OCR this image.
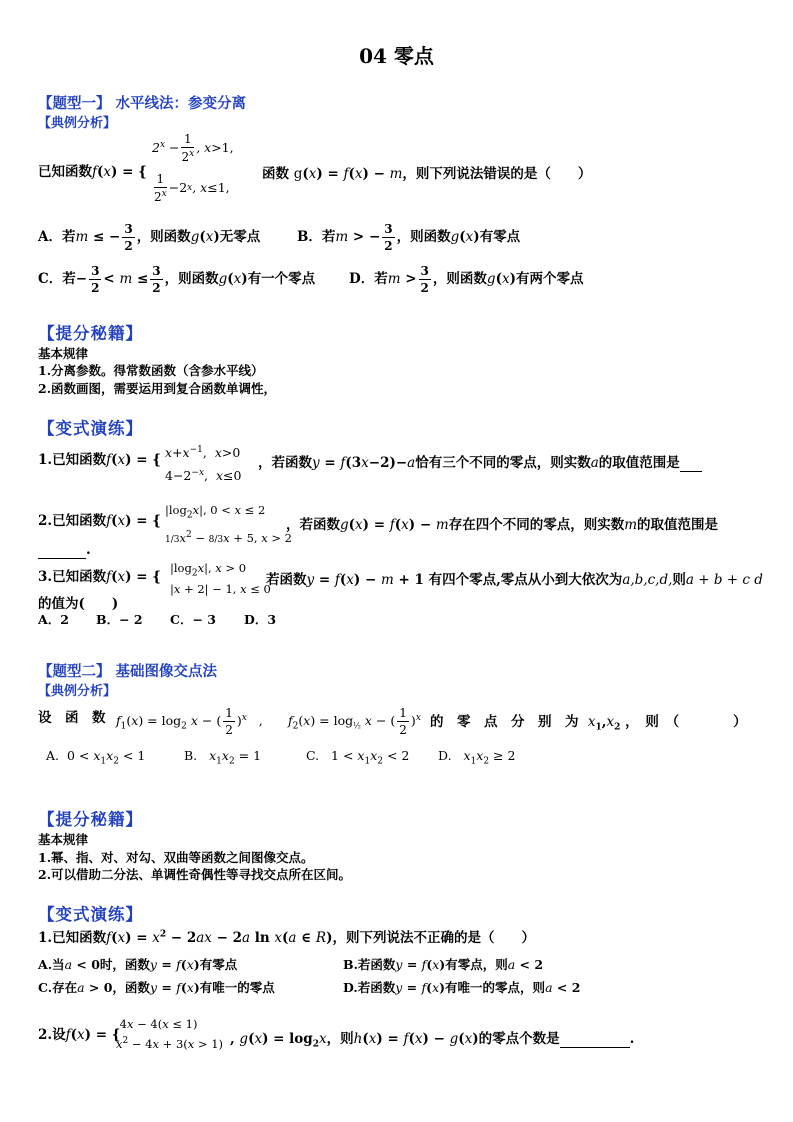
04 零点
【题型一】 水平线法：参变分离
【典例分析】
已知函数f(x) = {
$2^x - \frac{1}{2^x}$ , x >1,
$\frac{1}{2^x} -2$ x , x ≤1,
函数 g(x) = f(x) − m，则下列说法错误的是（　　）
A．若m ≤ − $\frac{3}{2}$ ，则函数g(x)无零点	B．若m > − $\frac{3}{2}$ ，则函数g(x)有零点
C．若− $\frac{3}{2} < m \le \frac{3}{2}$ ，则函数g(x)有一个零点	D．若$m > \frac{3}{2}$ ，则函数g(x)有两个零点
【提分秘籍】
基本规律
1.分离参数。得常数函数（含参水平线）
2.函数画图，需要运用到复合函数单调性，
【变式演练】
1.已知函数f(x) = { $x+x^{-1}$,  x>0
$4-2^{-x}$,  x≤0
，若函数y = f(3x−2)−a恰有三个不同的零点，则实数a的取值范围是
2.已知函数f(x) = {
$|\log_2x|$, 0 < x ≤ 2
$1/3x^2 - 8/3x + 5$, x > 2
，若函数g(x) = f(x) − m存在四个不同的零点，则实数m的取值范围是
.
3.已知函数f(x) = {
$|\log_2x|$, x > 0
|x + 2| − 1, x ≤ 0
若函数y = f(x) − m + 1 有四个零点,零点从小到大依次为a,b,c,d,则a + b + c d
的值为(　　)
A．2 B．− 2 C．− 3 D．3
【题型二】 基础图像交点法
【典例分析】
设　函　数 $f_1(x) = \log_2 x$ − ( $\frac{1}{2} )^x$   , $f_2(x) = \log_{\frac{1}{2}} x$ − ( $\frac{1}{2} )^x$ 的　零　点　分　别　为 $x_1,x_2$ ，　则　（　　　　）
A.  $0 < x_1x_2 < 1$	B. $x_1x_2 = 1$	C.   $1 < x_1x_2 < 2$ D. $x_1x_2 \ge 2$
【提分秘籍】
基本规律
1.幂、指、对、对勾、双曲等函数之间图像交点。
2.可以借助二分法、单调性奇偶性等寻找交点所在区间。
【变式演练】
1.已知函数$f(x) = x^2 - 2ax - 2a$ ln x(a ∈ R)，则下列说法不正确的是（　　）
A.当a < 0时，函数y = f(x)有零点	B.若函数y = f(x)有零点，则a < 2
C.存在a > 0，函数y = f(x)有唯一的零点	D.若函数y = f(x)有唯一的零点，则a < 2
2.设f(x) = {
4x − 4(x ≤ 1)
$x^2 - 4x + 3(x > 1)$ , $g(x) = \log_2x$，则h(x) = f(x) − g(x)的零点个数是	.
